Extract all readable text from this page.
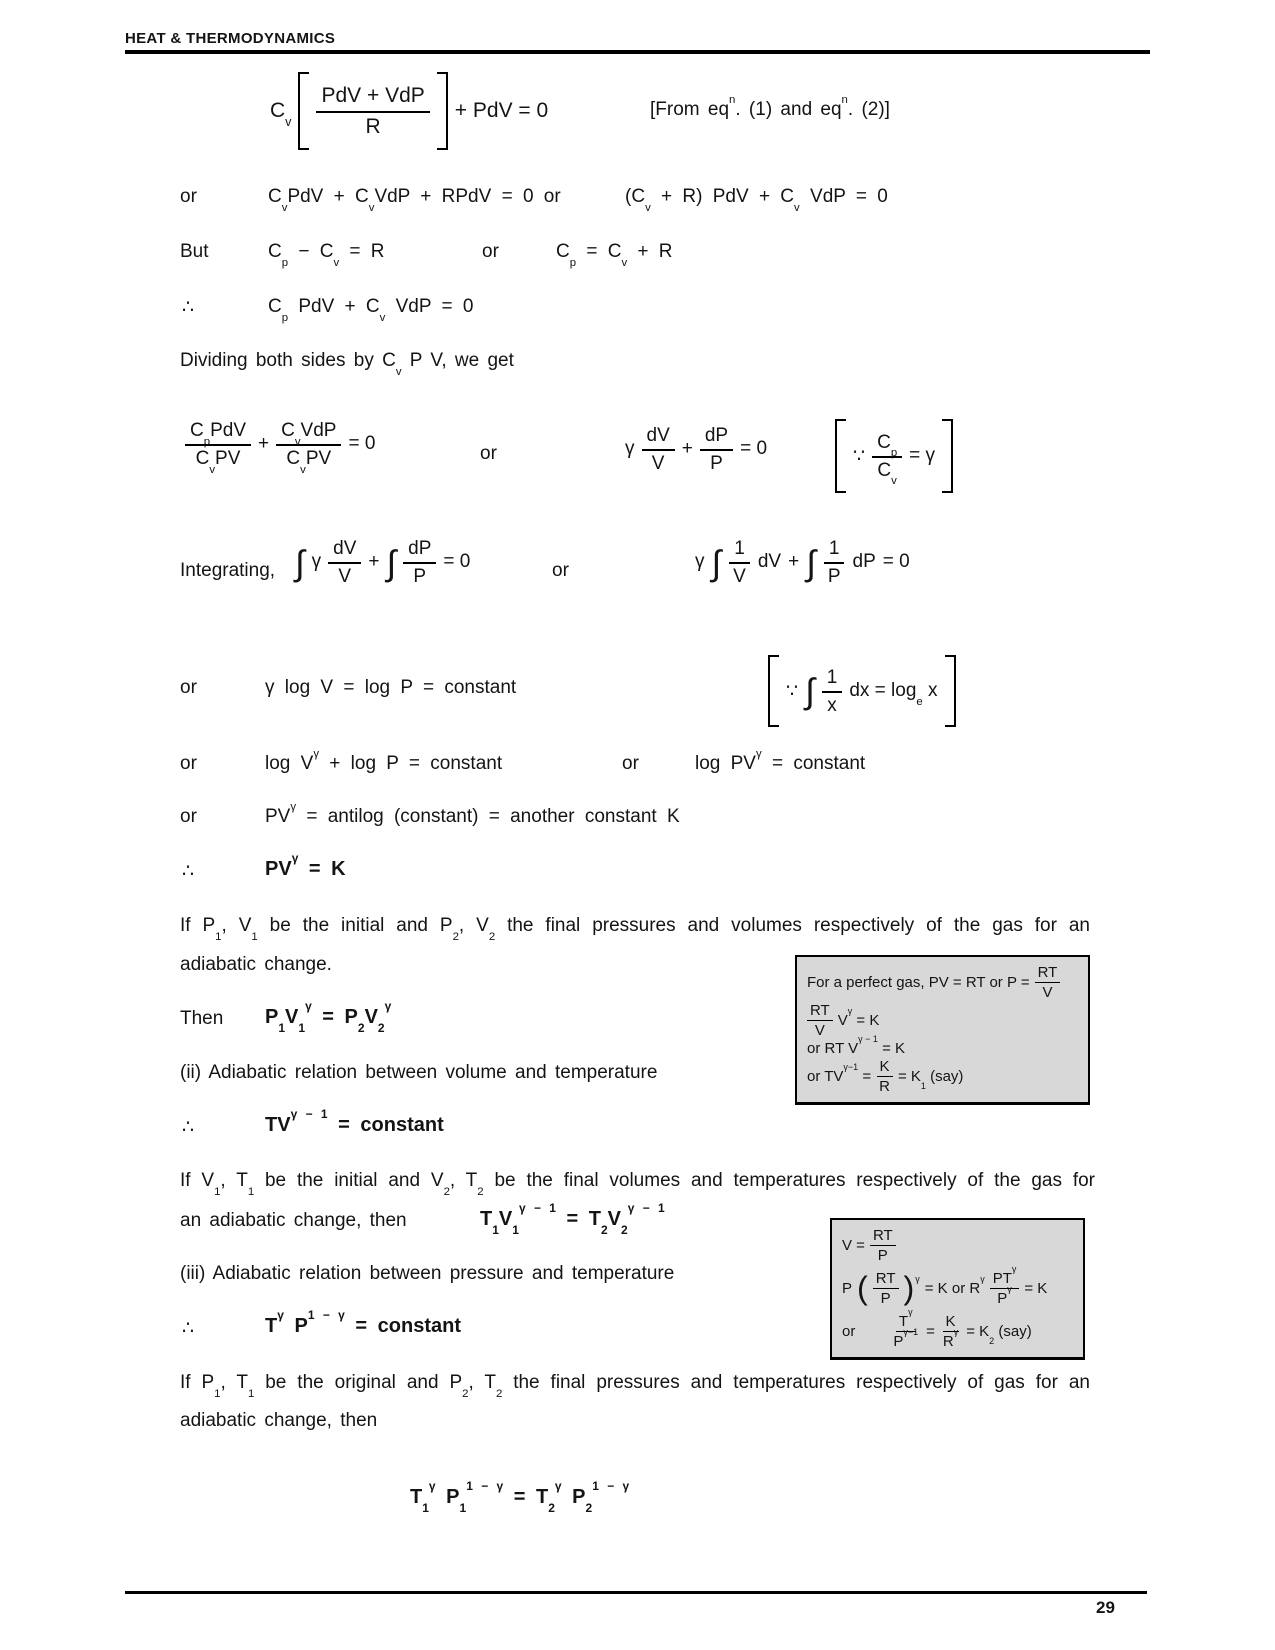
HEAT & THERMODYNAMICS
$C_v \frac{\text{PdV + VdP}}{R}$ + PdV = 0	[From $eq^n$. (1) and $eq^n$. (2)]
or	$C_vPdV + C_vVdP$ + RPdV = 0 or	$(C_v + R)$ PdV + $C_v$ VdP = 0
But	$C_p - C_v = R$	or	$C_p = C_v + R$
∴	$C_p$ PdV + $C_v$ VdP = 0
Dividing both sides by $C_v$ P V, we get
$\frac{C_pPdV}{C_vPV} + \frac{C_vVdP}{C_vPV} = 0$	or	γ $\frac{dV}{V} + \frac{dP}{P} = 0$	∵ $\frac{C_p}{C_v} = \gamma$
Integrating, ∫ γ $\frac{dV}{V}$ + ∫ $\frac{dP}{P} = 0$	or	γ ∫ $\frac{1}{V}$ dV + ∫ $\frac{1}{P}$ dP = 0
or	γ log V = log P = constant	∵ ∫ $\frac{1}{x}$ dx = $\log_e x$
or	$\log V^\gamma + \log P$ = constant	or	$\log PV^\gamma$ = constant
or	$PV^\gamma$ = antilog (constant) = another constant K
∴	$PV^\gamma = K$
If $P_1$, $V_1$ be the initial and $P_2$, $V_2$ the final pressures and volumes respectively of the gas for an
adiabatic change.
For a perfect gas, PV = RT or $P = \frac{RT}{V}$
$\frac{RT}{V} V^\gamma = K$
or RT $V^{\gamma - 1} = K$
or $TV^{\gamma-1} = \frac{K}{R} = K_1$ (say)
Then $P_1V_1^\gamma = P_2V_2^\gamma$
(ii) Adiabatic relation between volume and temperature
∴	$TV^{\gamma - 1}$ = constant
If $V_1$, $T_1$ be the initial and $V_2$, $T_2$ be the final volumes and temperatures respectively of the gas for
an adiabatic change, then	$T_1V_1^{\gamma - 1} = T_2V_2^{\gamma - 1}$
$V = \frac{RT}{P}$
P ( $\frac{RT}{P}$ ) $^\gamma$
= K or $R^\gamma \frac{PT^\gamma}{P^\gamma} = K$
or $\frac{T^\gamma}{P^{\gamma-1}} = \frac{K}{R^\gamma} = K_2$ (say)
(iii) Adiabatic relation between pressure and temperature
∴	$T^\gamma$ $P^{1 - \gamma}$ = constant
If $P_1$, $T_1$ be the original and $P_2$, $T_2$ the final pressures and temperatures respectively of gas for an
adiabatic change, then
$T_1^\gamma$ $P_1^{1 - \gamma} = T_2^\gamma$ $P_2^{1 - \gamma}$
29
